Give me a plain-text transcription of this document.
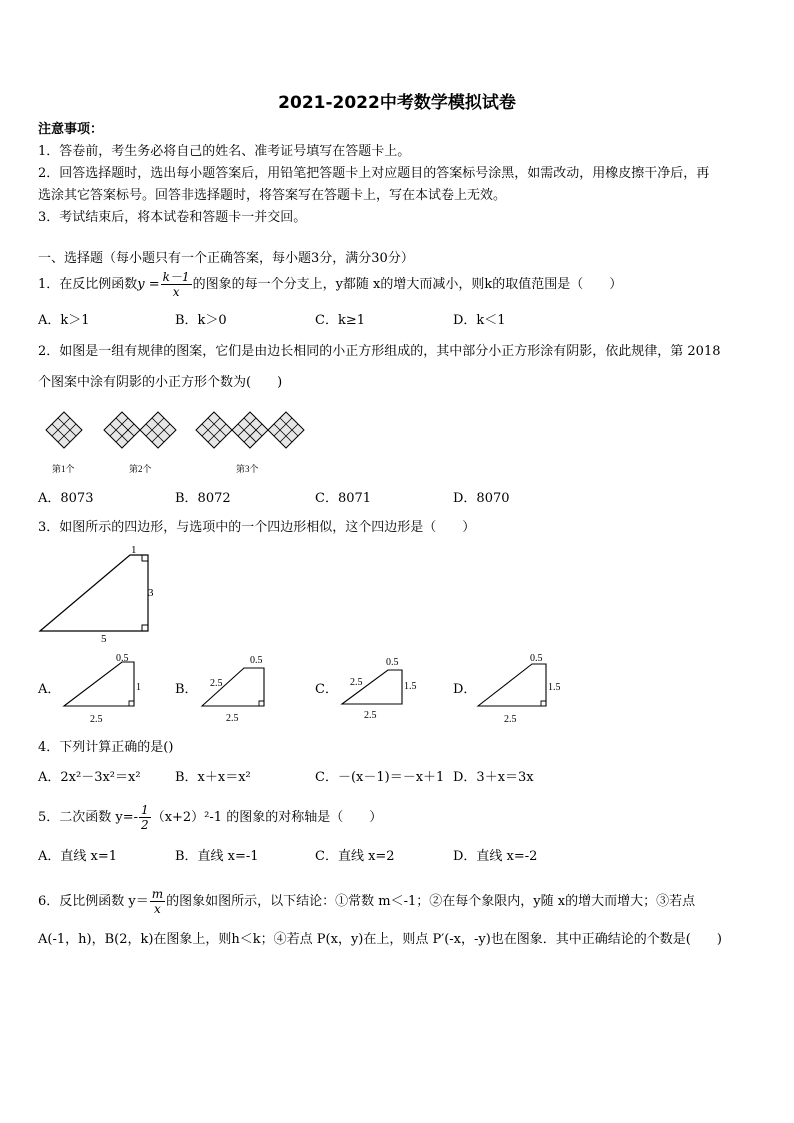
2021-2022中考数学模拟试卷
注意事项：
1．答卷前，考生务必将自己的姓名、准考证号填写在答题卡上。
2．回答选择题时，选出每小题答案后，用铅笔把答题卡上对应题目的答案标号涂黑，如需改动，用橡皮擦干净后，再
选涂其它答案标号。回答非选择题时，将答案写在答题卡上，写在本试卷上无效。
3．考试结束后，将本试卷和答题卡一并交回。
一、选择题（每小题只有一个正确答案，每小题3分，满分30分）
1．在反比例函数$y = \frac{k-1}{x}$ 的图象的每一个分支上，y都随 x的增大而减小，则k的取值范围是（　　）
A．k＞1	B．k＞0	C．k≥1	D．k＜1
2．如图是一组有规律的图案，它们是由边长相同的小正方形组成的，其中部分小正方形涂有阴影，依此规律，第 2018
个图案中涂有阴影的小正方形个数为(　　)
第1个	第2个	第3个
A．8073	B．8072	C．8071	D．8070
3．如图所示的四边形，与选项中的一个四边形相似，这个四边形是（　　）
1
3
5
A．
0.5
1
2.5
B．
0.5
2.5
2.5
C．
0.5
1.5
2.5
2.5
D．
0.5
1.5
2.5
4．下列计算正确的是()
A．2x²－3x²＝x²	B．x＋x＝x²	C．－(x－1)＝－x＋1 D．3＋x＝3x
5．二次函数 $y=- \frac{1}{2} (x+2)^2-1$ 的图象的对称轴是（　　）
A．直线 x=1	B．直线 x=-1	C．直线 x=2	D．直线 x=-2
6．反比例函数 $y= \frac{m}{x}$ 的图象如图所示，以下结论：①常数 m＜-1；②在每个象限内，y随 x的增大而增大；③若点
A(-1，h)，B(2，k)在图象上，则h＜k；④若点 P(x，y)在上，则点 P′(-x，-y)也在图象．其中正确结论的个数是(　　)
